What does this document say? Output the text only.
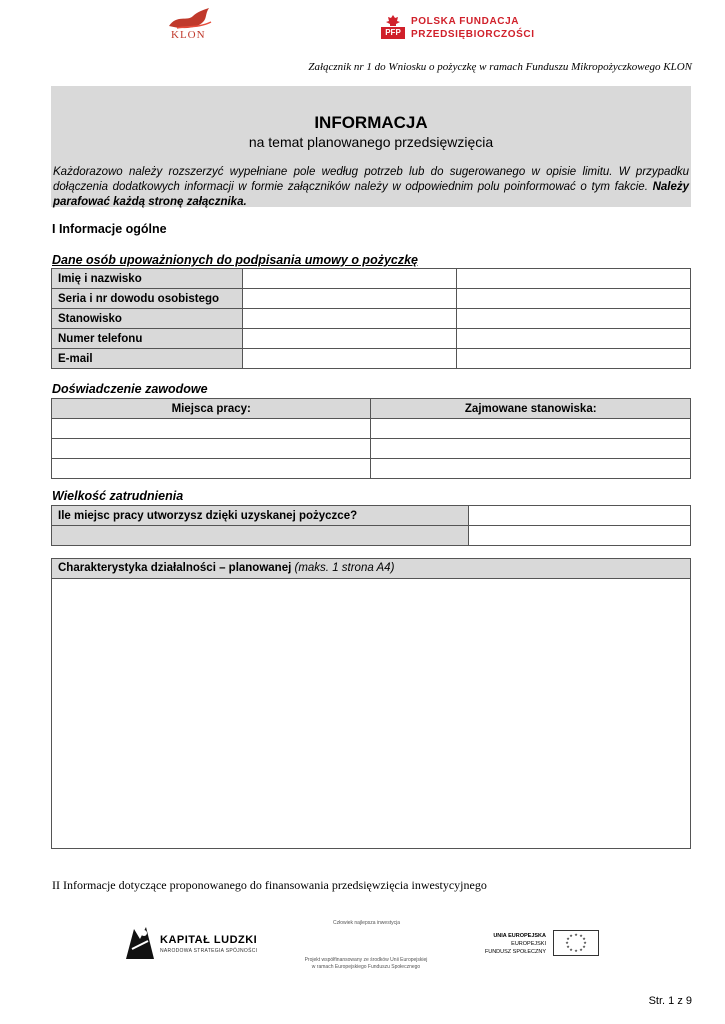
KLON	PFP
POLSKA FUNDACJA
PRZEDSIĘBIORCZOŚCI
Załącznik nr 1 do Wniosku o pożyczkę w ramach Funduszu Mikropożyczkowego KLON
INFORMACJA
na temat planowanego przedsięwzięcia
Każdorazowo należy rozszerzyć wypełniane pole według potrzeb lub do sugerowanego w opisie limitu. W przypadku dołączenia dodatkowych informacji w formie załączników należy w odpowiednim polu poinformować o tym fakcie. Należy parafować każdą stronę załącznika.
I Informacje ogólne
Dane osób upoważnionych do podpisania umowy o pożyczkę
Imię i nazwisko		
Seria i nr dowodu osobistego		
Stanowisko		
Numer telefonu		
E-mail		
Doświadczenie zawodowe
Miejsca pracy:	Zajmowane stanowiska:

Wielkość zatrudnienia
Ile miejsc pracy utworzysz dzięki uzyskanej pożyczce?	

Charakterystyka działalności – planowanej (maks. 1 strona A4)
II Informacje dotyczące proponowanego do finansowania przedsięwzięcia inwestycyjnego
KAPITAŁ LUDZKI
NARODOWA STRATEGIA SPÓJNOŚCI
Człowiek najlepsza inwestycja
Projekt współfinansowany ze środków Unii Europejskiej
w ramach Europejskiego Funduszu Społecznego
UNIA EUROPEJSKA
EUROPEJSKI
FUNDUSZ SPOŁECZNY
★ ★
★
★
★
★
★
★
★
★
★
★
Str. 1 z 9
